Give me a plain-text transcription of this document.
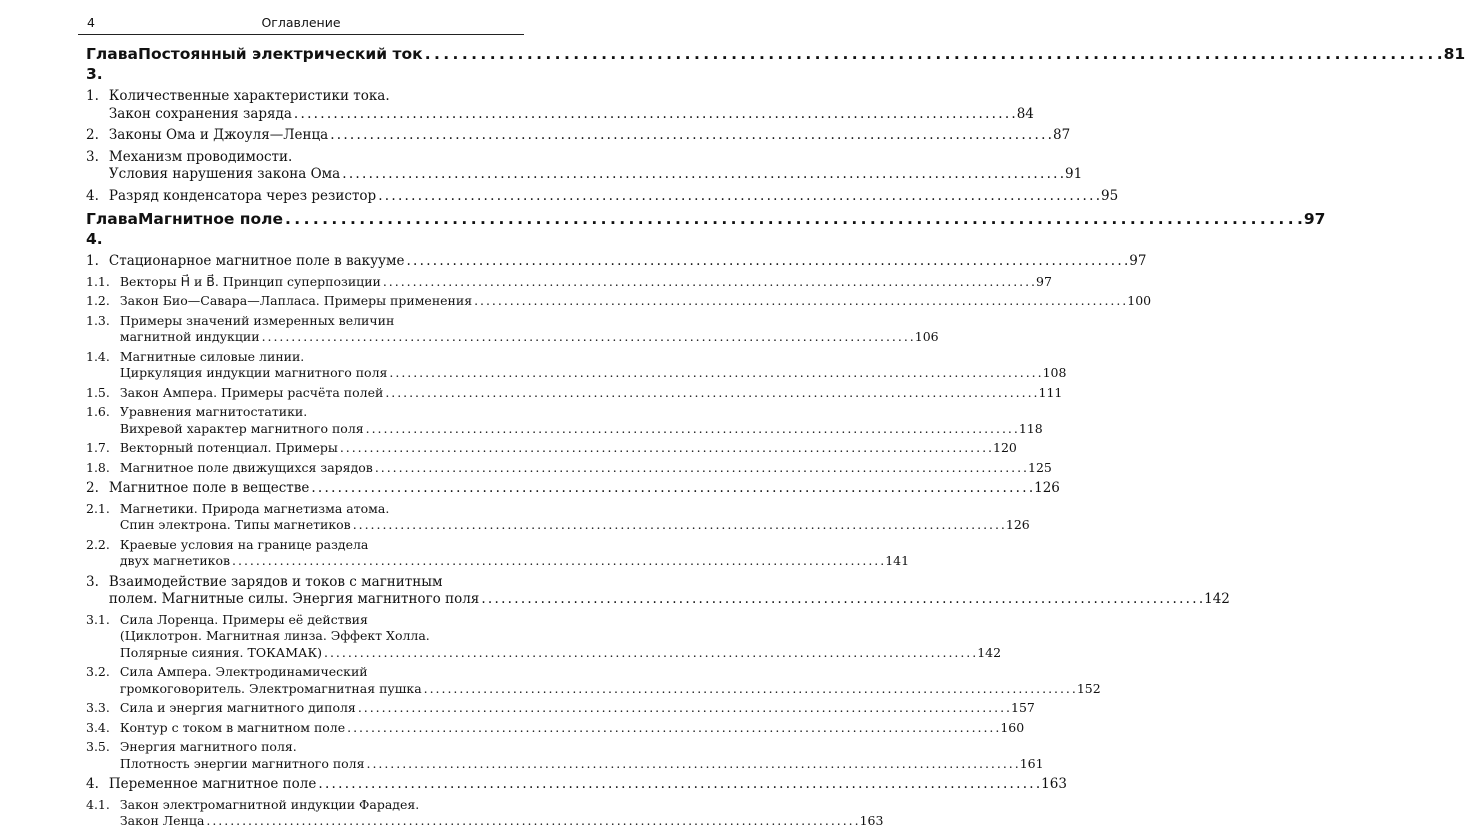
4	Оглавление
Глава 3.
Постоянный электрический ток . . .	81
1. Количественные характеристики тока.
Закон сохранения заряда . . .	84
2. Законы Ома и Джоуля—Ленца . . .	87
3. Механизм проводимости.
Условия нарушения закона Ома . . .	91
4. Разряд конденсатора через резистор . . .	95
Глава 4.
Магнитное поле . . .	97
1. Стационарное магнитное поле в вакууме . . .	97
1.1. Векторы H⃗ и B⃗. Принцип суперпозиции . . .	97
1.2. Закон Био—Савара—Лапласа. Примеры применения . . .	100
1.3. Примеры значений измеренных величин
магнитной индукции . . .	106
1.4. Магнитные силовые линии.
Циркуляция индукции магнитного поля . . .	108
1.5. Закон Ампера. Примеры расчёта полей . . .	111
1.6. Уравнения магнитостатики.
Вихревой характер магнитного поля . . .	118
1.7. Векторный потенциал. Примеры . . .	120
1.8. Магнитное поле движущихся зарядов . . .	125
2. Магнитное поле в веществе . . .	126
2.1. Магнетики. Природа магнетизма атома.
Спин электрона. Типы магнетиков . . .	126
2.2. Краевые условия на границе раздела
двух магнетиков . . .	141
3. Взаимодействие зарядов и токов с магнитным
полем. Магнитные силы. Энергия магнитного поля . . .	142
3.1. Сила Лоренца. Примеры её действия
(Циклотрон. Магнитная линза. Эффект Холла.
Полярные сияния. ТОКАМАК) . . .	142
3.2. Сила Ампера. Электродинамический
громкоговоритель. Электромагнитная пушка . . .	152
3.3. Сила и энергия магнитного диполя . . .	157
3.4. Контур с током в магнитном поле . . .	160
3.5. Энергия магнитного поля.
Плотность энергии магнитного поля . . .	161
4. Переменное магнитное поле . . .	163
4.1. Закон электромагнитной индукции Фарадея.
Закон Ленца . . .	163
